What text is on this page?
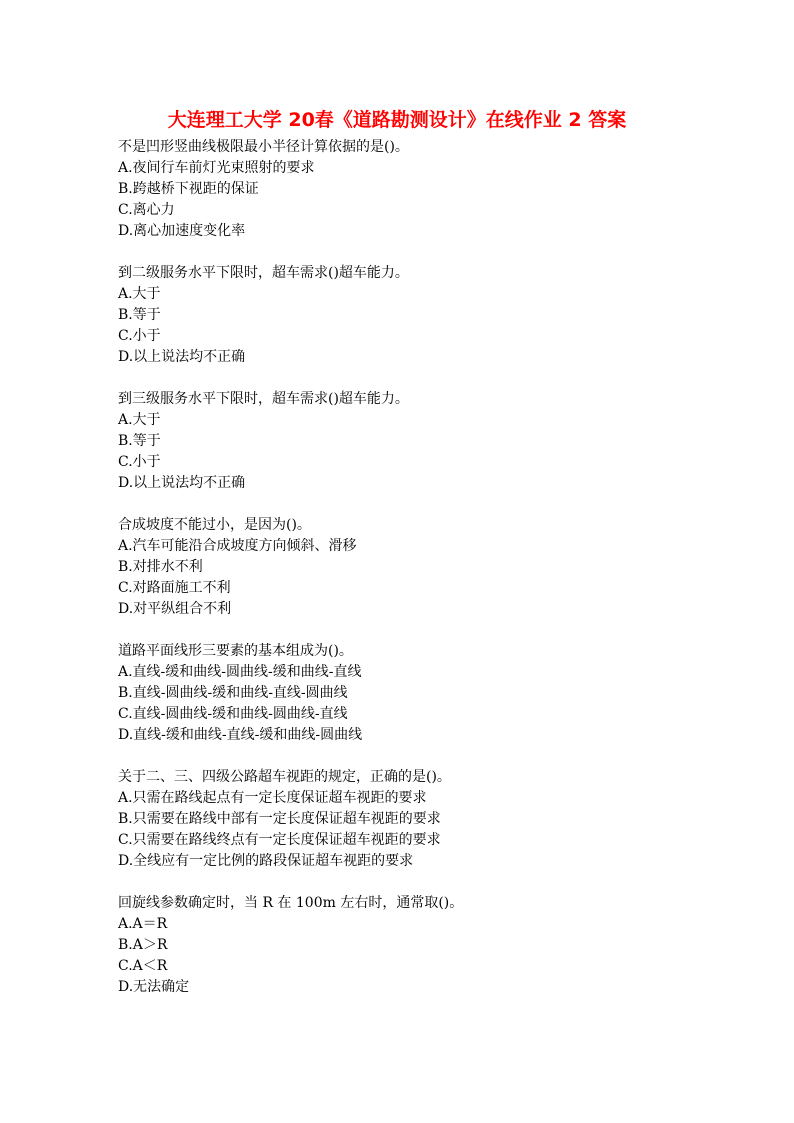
大连理工大学 20春《道路勘测设计》在线作业 2 答案
不是凹形竖曲线极限最小半径计算依据的是()。
A.夜间行车前灯光束照射的要求
B.跨越桥下视距的保证
C.离心力
D.离心加速度变化率
到二级服务水平下限时，超车需求()超车能力。
A.大于
B.等于
C.小于
D.以上说法均不正确
到三级服务水平下限时，超车需求()超车能力。
A.大于
B.等于
C.小于
D.以上说法均不正确
合成坡度不能过小，是因为()。
A.汽车可能沿合成坡度方向倾斜、滑移
B.对排水不利
C.对路面施工不利
D.对平纵组合不利
道路平面线形三要素的基本组成为()。
A.直线-缓和曲线-圆曲线-缓和曲线-直线
B.直线-圆曲线-缓和曲线-直线-圆曲线
C.直线-圆曲线-缓和曲线-圆曲线-直线
D.直线-缓和曲线-直线-缓和曲线-圆曲线
关于二、三、四级公路超车视距的规定，正确的是()。
A.只需在路线起点有一定长度保证超车视距的要求
B.只需要在路线中部有一定长度保证超车视距的要求
C.只需要在路线终点有一定长度保证超车视距的要求
D.全线应有一定比例的路段保证超车视距的要求
回旋线参数确定时，当 R 在 100m 左右时，通常取()。
A.A＝R
B.A＞R
C.A＜R
D.无法确定
